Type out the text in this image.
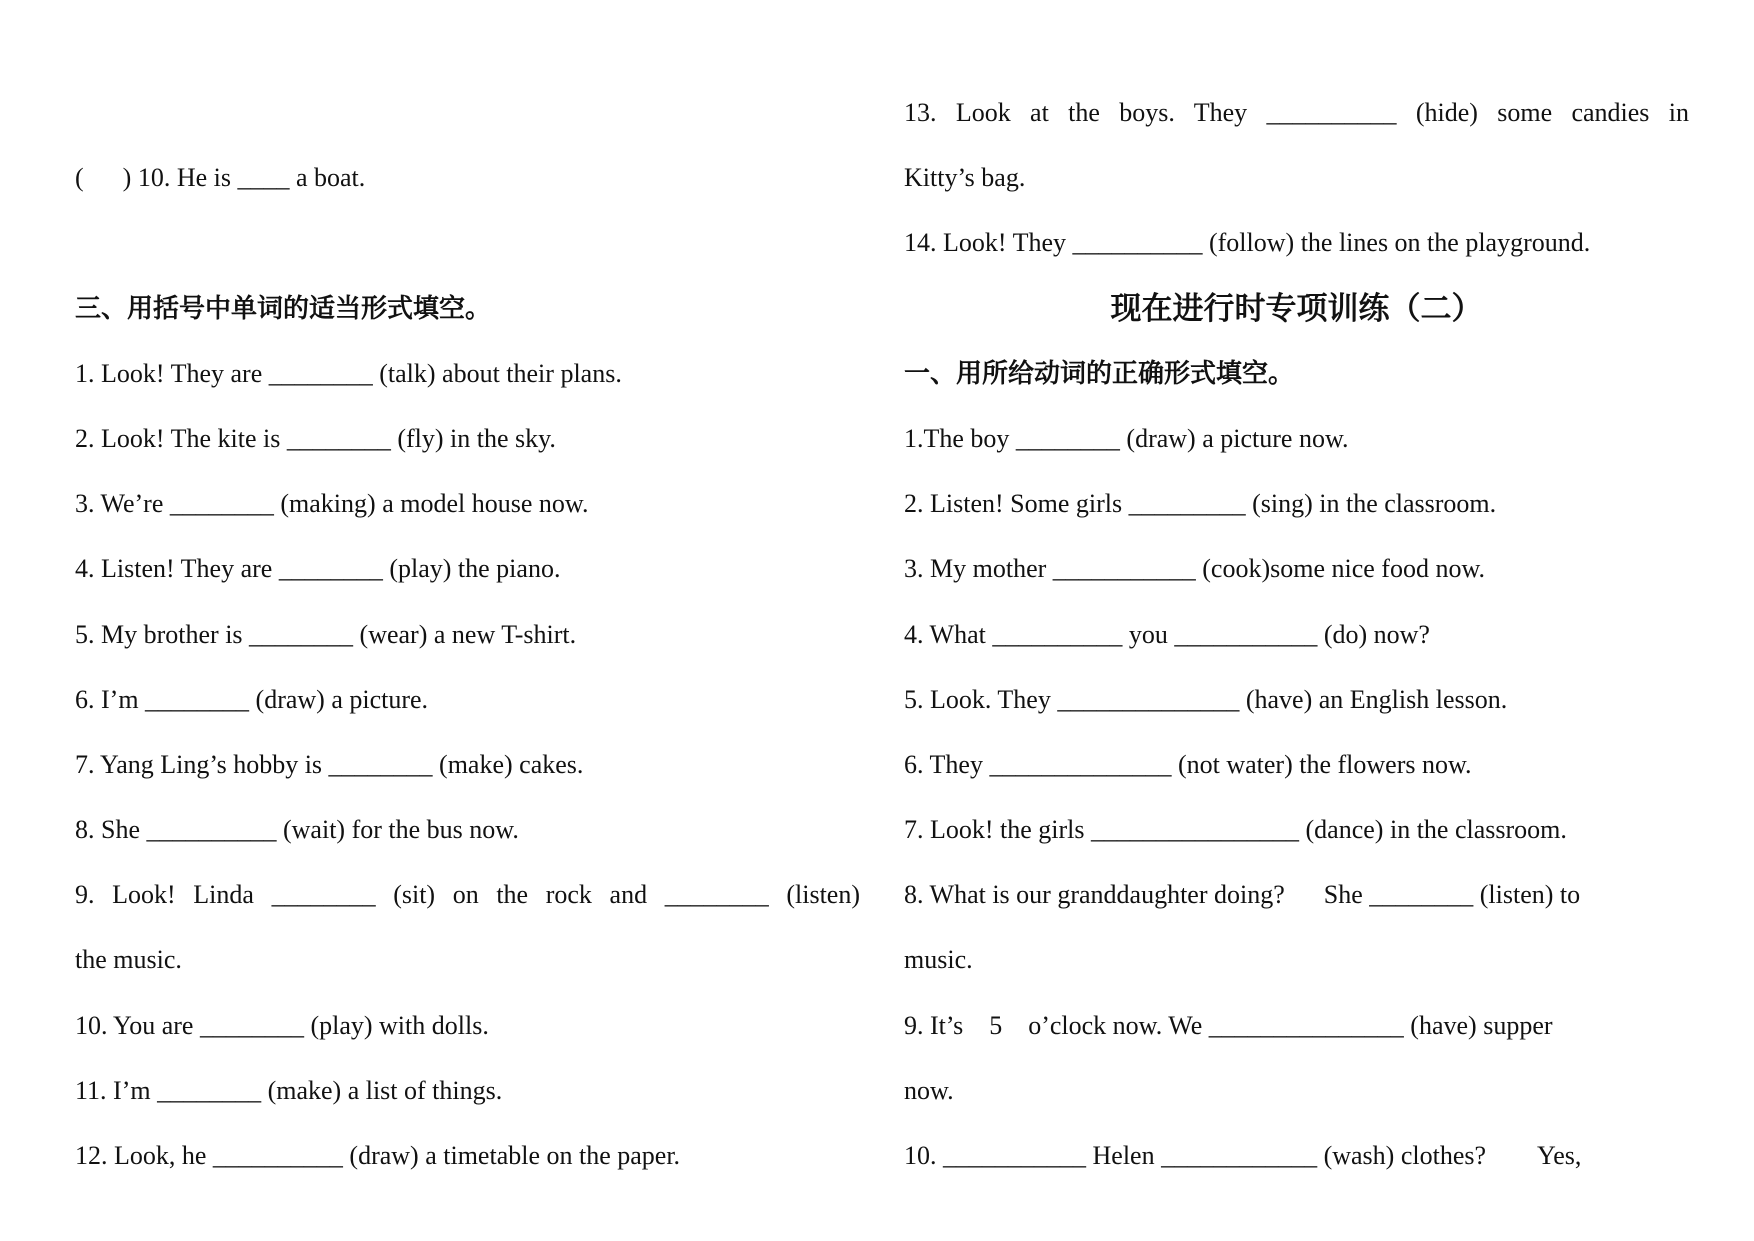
(      ) 10. He is ____ a boat.

三、用括号中单词的适当形式填空。
1. Look! They are ________ (talk) about their plans.
2. Look! The kite is ________ (fly) in the sky.
3. We’re ________ (making) a model house now.
4. Listen! They are ________ (play) the piano.
5. My brother is ________ (wear) a new T-shirt.
6. I’m ________ (draw) a picture.
7. Yang Ling’s hobby is ________ (make) cakes.
8. She __________ (wait) for the bus now.
9. Look! Linda ________ (sit) on the rock and ________ (listen)
the music.
10. You are ________ (play) with dolls.
11. I’m ________ (make) a list of things.
12. Look, he __________ (draw) a timetable on the paper.
13. Look at the boys. They __________ (hide) some candies in
Kitty’s bag.
14. Look! They __________ (follow) the lines on the playground.
现在进行时专项训练（二）
一、用所给动词的正确形式填空。
1.The boy ________ (draw) a picture now.
2. Listen! Some girls _________ (sing) in the classroom.
3. My mother ___________ (cook)some nice food now.
4. What __________ you ___________ (do) now?
5. Look. They ______________ (have) an English lesson.
6. They ______________ (not water) the flowers now.
7. Look! the girls ________________ (dance) in the classroom.
8. What is our granddaughter doing?      She ________ (listen) to
music.
9. It’s    5    o’clock now. We _______________ (have) supper
now.
10. ___________ Helen ____________ (wash) clothes?        Yes,
